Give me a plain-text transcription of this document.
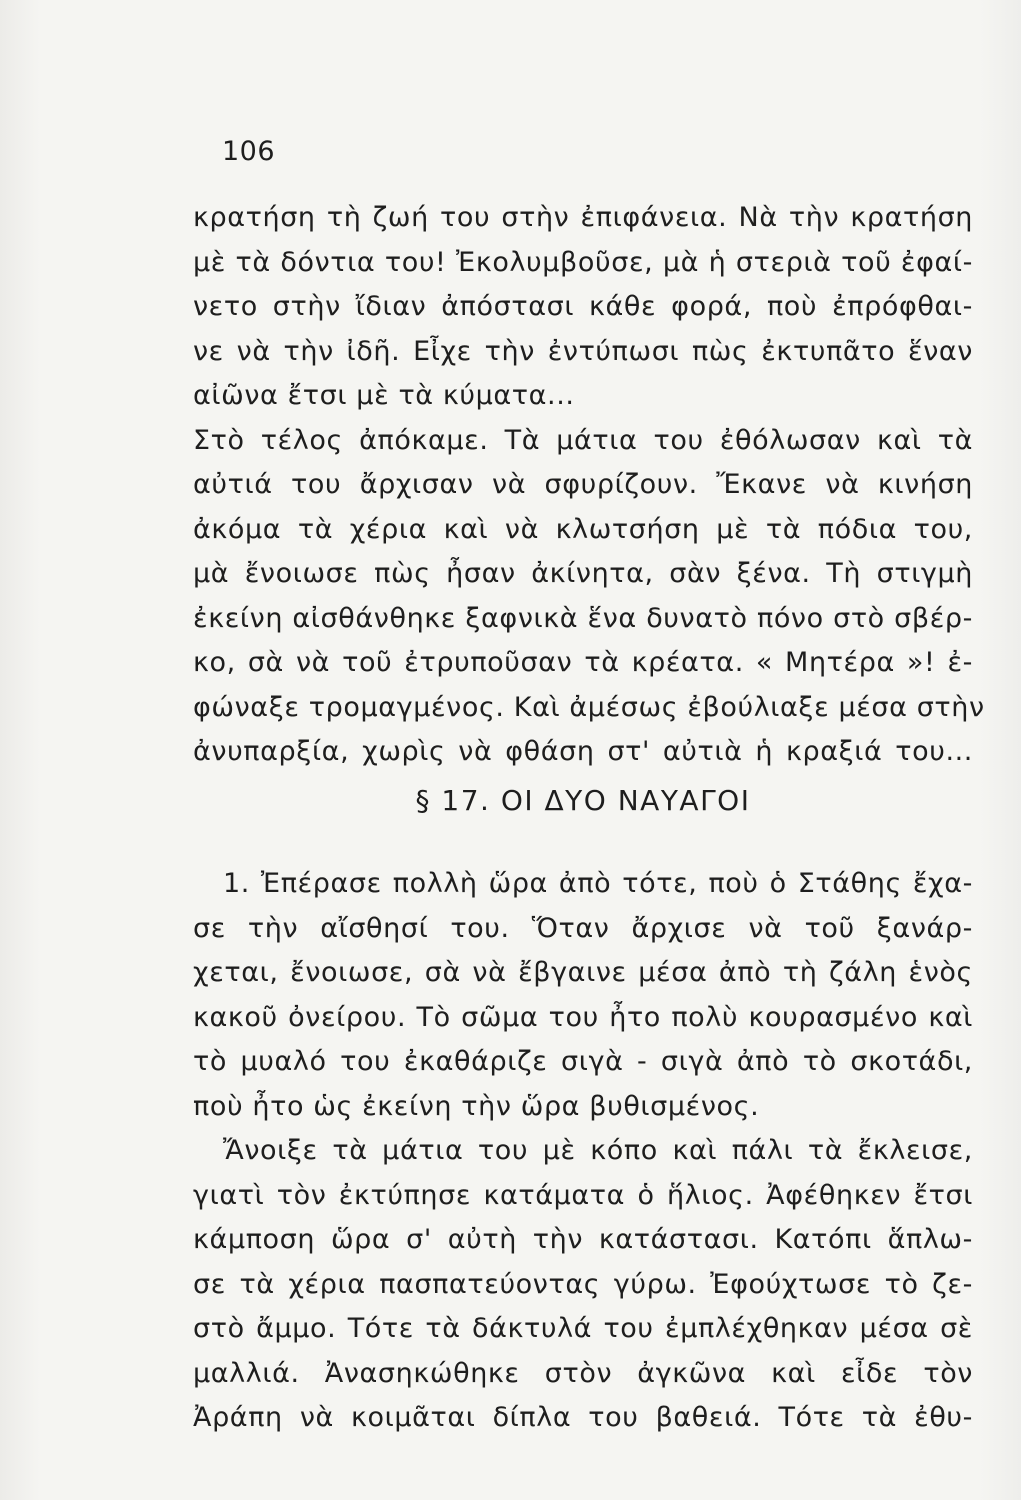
106
κρατήση τὴ ζωή του στὴν ἐπιφάνεια. Νὰ τὴν κρατήση
μὲ τὰ δόντια του! Ἐκολυμβοῦσε, μὰ ἡ στεριὰ τοῦ ἐφαί-
νετο στὴν ἴδιαν ἀπόστασι κάθε φορά, ποὺ ἐπρόφθαι-
νε νὰ τὴν ἰδῆ. Εἶχε τὴν ἐντύπωσι πὼς ἐκτυπᾶτο ἕναν
αἰῶνα ἔτσι μὲ τὰ κύματα...
Στὸ τέλος ἀπόκαμε. Τὰ μάτια του ἐθόλωσαν καὶ τὰ
αὐτιά του ἄρχισαν νὰ σφυρίζουν. Ἔκανε νὰ κινήση
ἀκόμα τὰ χέρια καὶ νὰ κλωτσήση μὲ τὰ πόδια του,
μὰ ἔνοιωσε πὼς ἦσαν ἀκίνητα, σὰν ξένα. Τὴ στιγμὴ
ἐκείνη αἰσθάνθηκε ξαφνικὰ ἕνα δυνατὸ πόνο στὸ σβέρ-
κο, σὰ νὰ τοῦ ἐτρυποῦσαν τὰ κρέατα. « Μητέρα »! ἐ-
φώναξε τρομαγμένος. Καὶ ἀμέσως ἐβούλιαξε μέσα στὴν
ἀνυπαρξία, χωρὶς νὰ φθάση στ' αὐτιὰ ἡ κραξιά του...
§ 17. ΟΙ ΔΥΟ ΝΑΥΑΓΟΙ
1. Ἐπέρασε πολλὴ ὥρα ἀπὸ τότε, ποὺ ὁ Στάθης ἔχα-
σε τὴν αἴσθησί του. Ὅταν ἄρχισε νὰ τοῦ ξανάρ-
χεται, ἔνοιωσε, σὰ νὰ ἔβγαινε μέσα ἀπὸ τὴ ζάλη ἑνὸς
κακοῦ ὀνείρου. Τὸ σῶμα του ἦτο πολὺ κουρασμένο καὶ
τὸ μυαλό του ἐκαθάριζε σιγὰ - σιγὰ ἀπὸ τὸ σκοτάδι,
ποὺ ἦτο ὡς ἐκείνη τὴν ὥρα βυθισμένος.
Ἄνοιξε τὰ μάτια του μὲ κόπο καὶ πάλι τὰ ἔκλεισε,
γιατὶ τὸν ἐκτύπησε κατάματα ὁ ἥλιος. Ἀφέθηκεν ἔτσι
κάμποση ὥρα σ' αὐτὴ τὴν κατάστασι. Κατόπι ἅπλω-
σε τὰ χέρια πασπατεύοντας γύρω. Ἐφούχτωσε τὸ ζε-
στὸ ἄμμο. Τότε τὰ δάκτυλά του ἐμπλέχθηκαν μέσα σὲ
μαλλιά. Ἀνασηκώθηκε στὸν ἀγκῶνα καὶ εἶδε τὸν
Ἀράπη νὰ κοιμᾶται δίπλα του βαθειά. Τότε τὰ ἐθυ-
